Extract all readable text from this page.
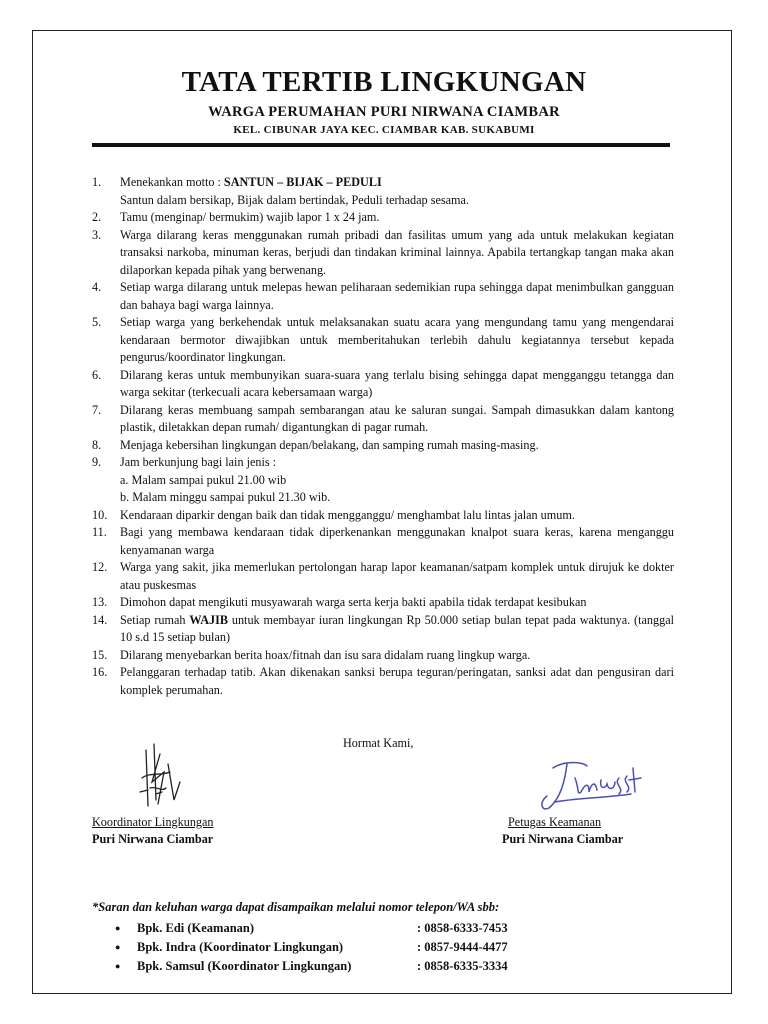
TATA TERTIB LINGKUNGAN
WARGA PERUMAHAN PURI NIRWANA CIAMBAR
KEL. CIBUNAR JAYA KEC. CIAMBAR KAB. SUKABUMI
1.	Menekankan motto : SANTUN – BIJAK – PEDULI
Santun dalam bersikap, Bijak dalam bertindak, Peduli terhadap sesama.
2.	Tamu (menginap/ bermukim) wajib lapor 1 x 24 jam.
3.	Warga dilarang keras menggunakan rumah pribadi dan fasilitas umum yang ada untuk melakukan kegiatan transaksi narkoba, minuman keras, berjudi dan tindakan kriminal lainnya. Apabila tertangkap tangan maka akan dilaporkan kepada pihak yang berwenang.
4.	Setiap warga dilarang untuk melepas hewan peliharaan sedemikian rupa sehingga dapat menimbulkan gangguan dan bahaya bagi warga lainnya.
5.	Setiap warga yang berkehendak untuk melaksanakan suatu acara yang mengundang tamu yang mengendarai kendaraan bermotor diwajibkan untuk memberitahukan terlebih dahulu kegiatannya tersebut kepada pengurus/koordinator lingkungan.
6.	Dilarang keras untuk membunyikan suara-suara yang terlalu bising sehingga dapat mengganggu tetangga dan warga sekitar (terkecuali acara kebersamaan warga)
7.	Dilarang keras membuang sampah sembarangan atau ke saluran sungai. Sampah dimasukkan dalam kantong plastik, diletakkan depan rumah/ digantungkan di pagar rumah.
8.	Menjaga kebersihan lingkungan depan/belakang, dan samping rumah masing-masing.
9.	Jam berkunjung bagi lain jenis :
a. Malam sampai pukul 21.00 wib
b. Malam minggu sampai pukul 21.30 wib.
10.	Kendaraan diparkir dengan baik dan tidak mengganggu/ menghambat lalu lintas jalan umum.
11.	Bagi yang membawa kendaraan tidak diperkenankan menggunakan knalpot suara keras, karena menganggu kenyamanan warga
12.	Warga yang sakit, jika memerlukan pertolongan harap lapor keamanan/satpam komplek untuk dirujuk ke dokter atau puskesmas
13.	Dimohon dapat mengikuti musyawarah warga serta kerja bakti apabila tidak terdapat kesibukan
14.	Setiap rumah WAJIB untuk membayar iuran lingkungan Rp 50.000 setiap bulan tepat pada waktunya. (tanggal 10 s.d 15 setiap bulan)
15.	Dilarang menyebarkan berita hoax/fitnah dan isu sara didalam ruang lingkup warga.
16.	Pelanggaran terhadap tatib. Akan dikenakan sanksi berupa teguran/peringatan, sanksi adat dan pengusiran dari komplek perumahan.
Hormat Kami,
Koordinator Lingkungan
Puri Nirwana Ciambar
Petugas Keamanan
Puri Nirwana Ciambar
*Saran dan keluhan warga dapat disampaikan melalui nomor telepon/WA sbb:
●	Bpk. Edi (Keamanan)	: 0858-6333-7453
●	Bpk. Indra (Koordinator Lingkungan)	: 0857-9444-4477
●	Bpk. Samsul (Koordinator Lingkungan)	: 0858-6335-3334
